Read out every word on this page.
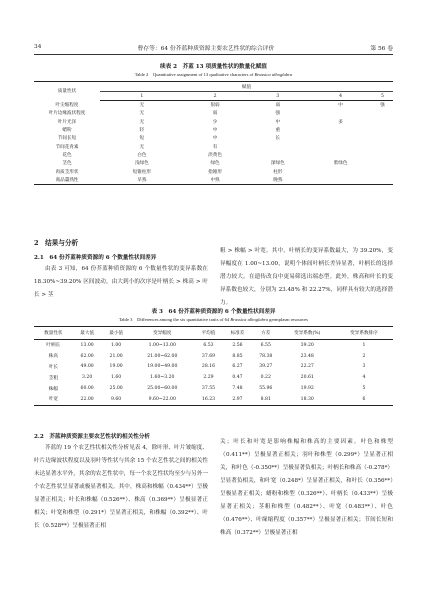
34	曹存等：64 份芥蓝种质资源主要农艺性状的综合评价	第 56 卷
续表 2　芥蓝 13 项质量性状的数量化赋值
Table 2　Quantitative assignment of 13 qualitative characters of Brassica alboglabra
质量性状	赋值				
	1	2	3	4	5
叶尖缩程度	无	很弱	弱	中	强
叶片边缘波状程度	无	弱	强		
叶片光泽	无	少	中	多	
蜡粉	轻	中	重		
节间长短	短	中	长		
节间花青素	无	有			
花色	白色	淡黄色			
茎色	浅绿色	绿色	深绿色	紫绿色	
肉质茎形状	短锥柱形	指锤形	柱形		
商品薹熟性	早熟	中熟	晚熟		
2　结果与分析
2.1　64 份芥蓝种质资源的 6 个数量性状间差异

由表 3 可知，64 份芥蓝种质资源的 6 个数量性状的变异系数在 18.30%~39.20% 区间波动，由大到小的次序是叶柄长 > 株高 > 叶长 > 茎

粗 > 株幅 > 叶宽。其中，叶柄长的变异系数最大，为 39.20%，变异幅度在 1.00~13.00，说明个体间叶柄长差异显著，叶柄长的选择潜力较大。在遗传改良中更易筛选出端态型。此外，株高和叶长的变异系数也较大，分别为 23.48% 和 22.27%，同样具有较大的选择潜力。

表 3　64 份芥蓝种质资源的 6 个数量性状间差异
Table 3　Differences among the six quantitative traits of 64 Brassica alboglabra germplasm resources
数量性状	最大值	最小值	变异幅度	平均值	标准差	方差	变异系数(%)	变异系数排序
叶柄长	13.00	1.00	1.00~13.00	6.53	2.56	6.55	39.20	1
株高	62.00	21.00	21.00~62.00	37.69	8.85	78.38	23.48	2
叶长	49.00	19.00	19.00~49.00	28.16	6.27	39.27	22.27	3
茎粗	3.20	1.60	1.60~3.20	2.29	0.47	0.22	20.61	4
株幅	60.00	25.00	25.00~60.00	37.55	7.48	55.96	19.92	5
叶宽	22.00	9.60	9.60~22.00	16.23	2.97	8.81	18.30	6
2.2　芥蓝种质资源主要农艺性状的相关性分析

芥蓝的 19 个农艺性状相关性分析见表 4，除叶形、叶片皱缩度、叶片边缘波状程度以及羽叶等性状与其余 15 个农艺性状之间的相关性未达显著水平外，其余的农艺性状中，每一个农艺性状均至少与另外一个农艺性状呈显著或极显著相关。其中，株高和株幅（0.434**）呈极显著正相关；叶长和株幅（0.526**）、株高（0.369**）呈极显著正相关；叶宽和株型（0.291*）呈显著正相关，和株幅（0.392**）、叶长（0.528**）呈极显著正相

关；叶长和叶宽是影响株幅和株高的主要因素。叶色和株型（0.411**）呈极显著正相关；羽叶和株型（0.299*）呈显著正相关，和叶色（-0.350**）呈极显著负相关；叶柄长和株高（-0.278*）呈显著负相关，和叶宽（0.248*）呈显著正相关，和叶长（0.356**）呈极显著正相关；蜡粉和株型（0.326**）、叶柄长（0.433**）呈极显著正相关；茎粗和株型（0.482**）、叶宽（0.483**）、叶色（0.476**）、叶缘缩程度（0.357**）呈极显著正相关；节间长短和株高（0.372**）呈极显著正相
